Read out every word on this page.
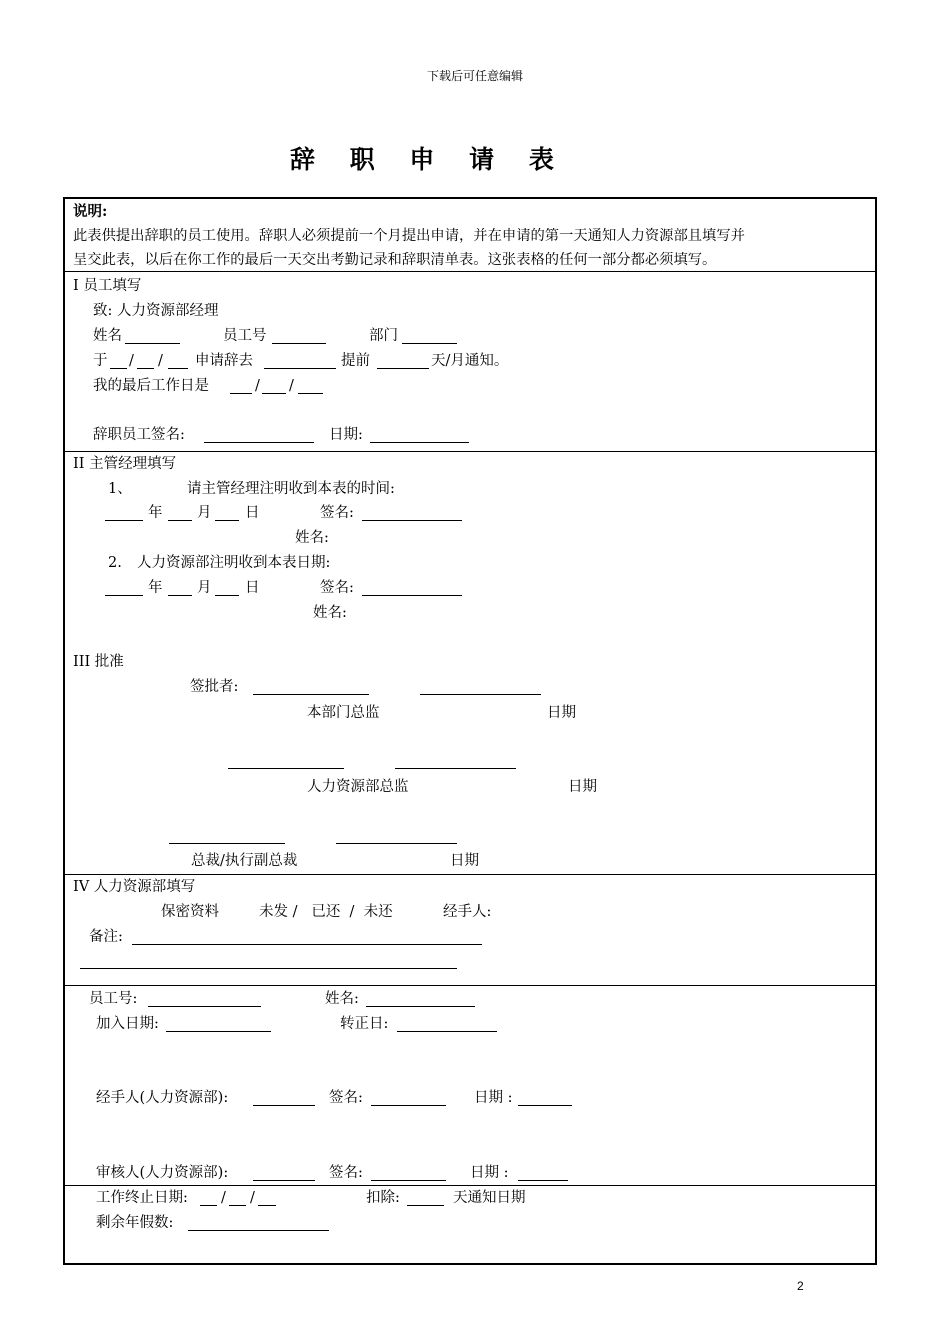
下载后可任意编辑
辞 职 申 请 表
说明:
此表供提出辞职的员工使用。辞职人必须提前一个月提出申请，并在申请的第一天通知人力资源部且填写并
呈交此表，以后在你工作的最后一天交出考勤记录和辞职清单表。这张表格的任何一部分都必须填写。
I 员工填写
致: 人力资源部经理
姓名	员工号	部门
于 / / 申请辞去	提前	天/月通知。
我的最后工作日是	/ /
辞职员工签名:	日期:
II 主管经理填写
1、	请主管经理注明收到本表的时间:
年 月 日	签名:
姓名:
2. 人力资源部注明收到本表日期:
年 月 日	签名:
姓名:
III 批准
签批者:
本部门总监	日期
人力资源部总监	日期
总裁/执行副总裁	日期
IV 人力资源部填写
保密资料	未发 /   已还  /  未还	经手人:
备注:
员工号:	姓名:
加入日期:	转正日:
经手人(人力资源部):	签名:	日期 :
审核人(人力资源部):	签名:	日期 :
工作终止日期: / /	扣除:	天通知日期
剩余年假数:
2
